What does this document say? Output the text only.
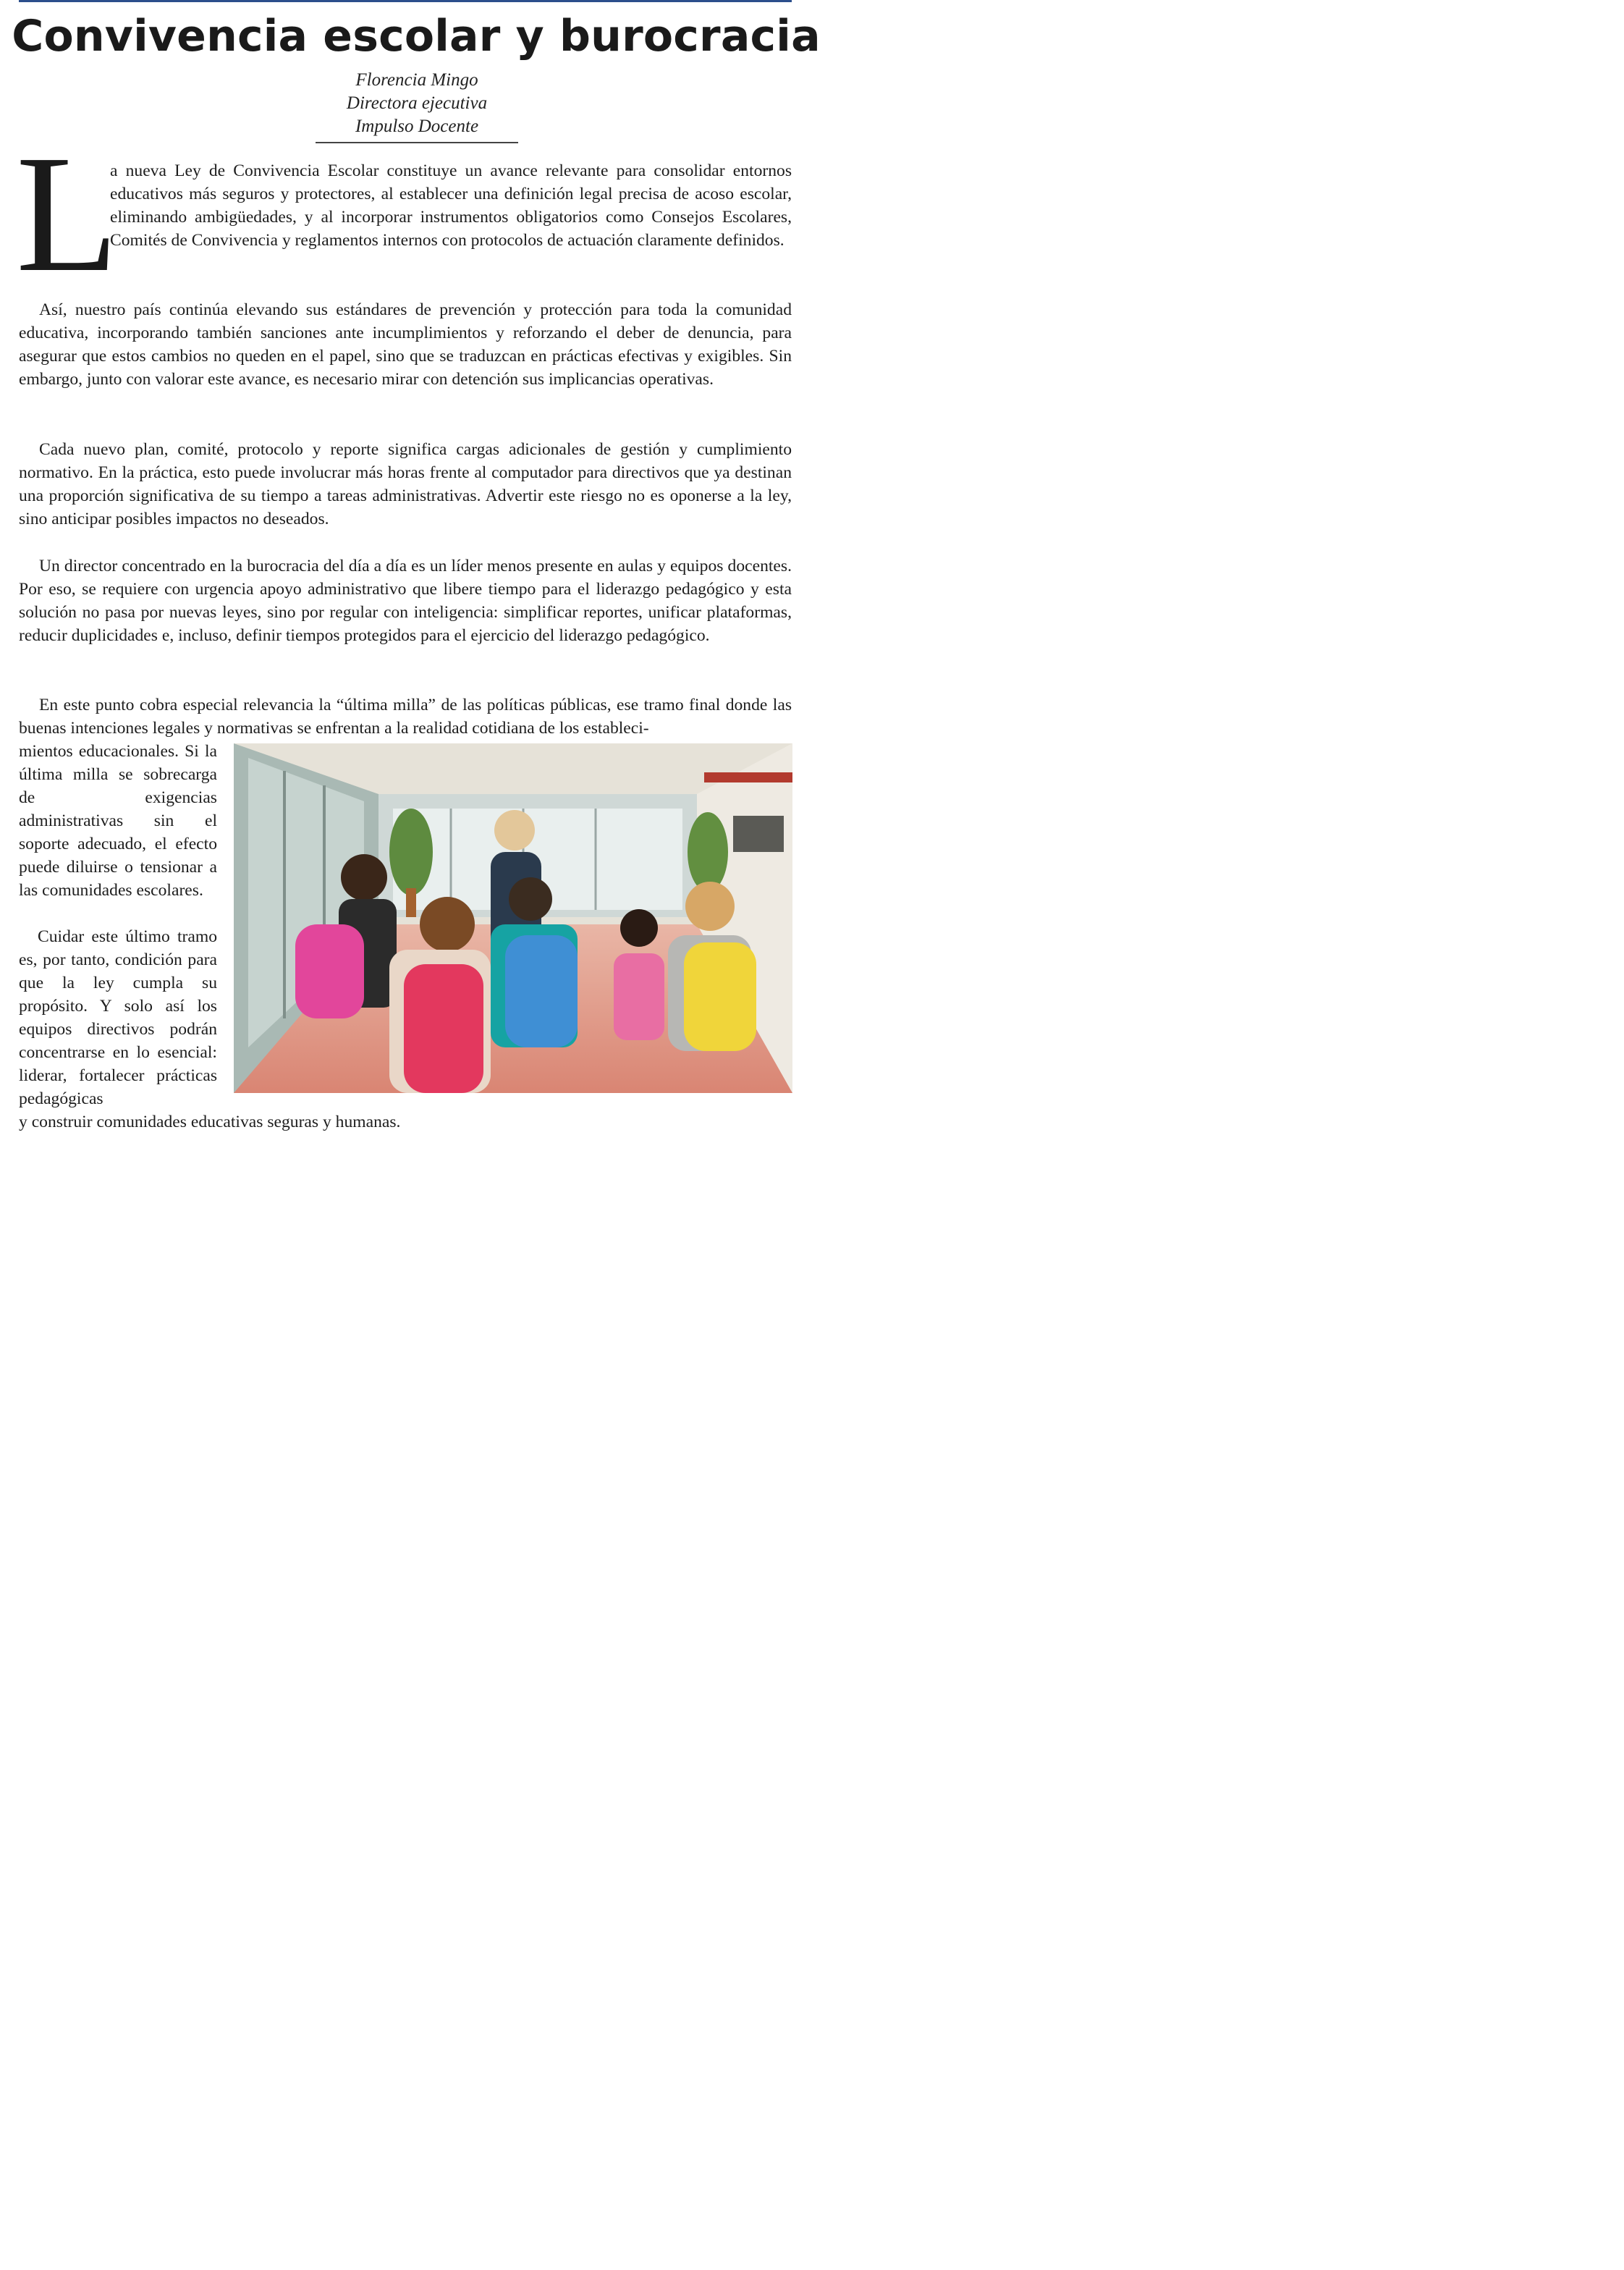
Convivencia escolar y burocracia
Florencia Mingo
Directora ejecutiva
Impulso Docente
L

a nueva Ley de Convivencia Escolar constituye un avance relevante para consolidar entornos educativos más seguros y protectores, al establecer una definición legal precisa de acoso escolar, eliminando ambigüedades, y al incorporar instrumentos obligatorios como Consejos Escolares, Comités de Convivencia y reglamentos internos con protocolos de actuación claramente definidos.

Así, nuestro país continúa elevando sus estándares de prevención y protección para toda la comunidad educativa, incorporando también sanciones ante incumplimientos y reforzando el deber de denuncia, para asegurar que estos cambios no queden en el papel, sino que se traduzcan en prácticas efectivas y exigibles. Sin embargo, junto con valorar este avance, es necesario mirar con detención sus implicancias operativas.

Cada nuevo plan, comité, protocolo y reporte significa cargas adicionales de gestión y cumplimiento normativo. En la práctica, esto puede involucrar más horas frente al computador para directivos que ya destinan una proporción significativa de su tiempo a tareas administrativas. Advertir este riesgo no es oponerse a la ley, sino anticipar posibles impactos no deseados.

Un director concentrado en la burocracia del día a día es un líder menos presente en aulas y equipos docentes. Por eso, se requiere con urgencia apoyo administrativo que libere tiempo para el liderazgo pedagógico y esta solución no pasa por nuevas leyes, sino por regular con inteligencia: simplificar reportes, unificar plataformas, reducir duplicidades e, incluso, definir tiempos protegidos para el ejercicio del liderazgo pedagógico.

En este punto cobra especial relevancia la “última milla” de las políticas públicas, ese tramo final donde las buenas intenciones legales y normativas se enfrentan a la realidad cotidiana de los estableci-

mientos educacionales. Si la última milla se sobrecarga de exigencias administrativas sin el soporte adecuado, el efecto puede diluirse o tensionar a las comunidades escolares.

Cuidar este último tramo es, por tanto, condición para que la ley cumpla su propósito. Y solo así los equipos directivos podrán concentrarse en lo esencial: liderar, fortalecer prácticas pedagógicas

y construir comunidades educativas seguras y humanas.
